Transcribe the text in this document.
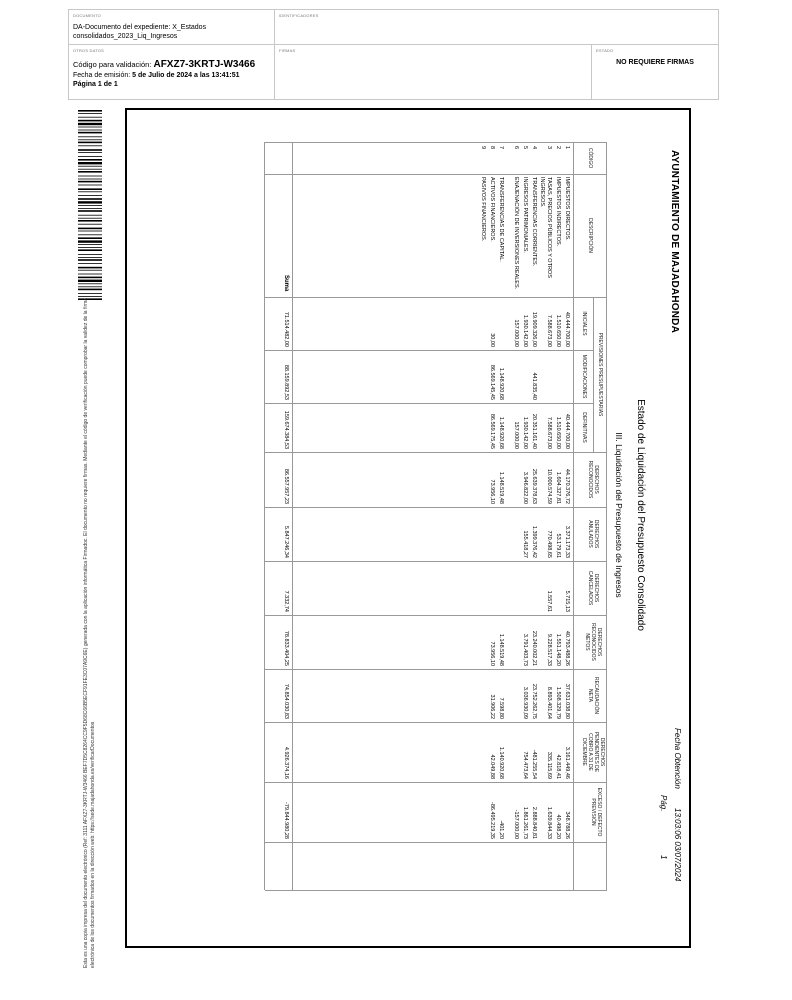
DOCUMENTO
DA-Documento del expediente: X_Estados consolidados_2023_Liq_Ingresos
IDENTIFICADORES
OTROS DATOS
Código para validación: AFXZ7-3KRTJ-W3466
Fecha de emisión: 5 de Julio de 2024 a las 13:41:51
Página 1 de 1
FIRMAS	ESTADO
NO REQUIERE FIRMAS
Esta es una copia impresa del documento electrónico (Ref: 3111 AFXZ7-3KRTJ-W3466 BEF7D5C8264CC9F5D68C66B5ECF91FE3C07A9C6E) generada con la aplicación informática Firmadoc. El documento no requiere firmas. Mediante el código de verificación puede comprobar la validez de la firma electrónica de los documentos firmados en la dirección web: https://sede.majadahonda.es/verificarDocumentos
AYUNTAMIENTO DE MAJADAHONDA
Fecha Obtención
13:03:06 03/07/2024
Pág.
1
Estado de Liquidación del Presupuesto Consolidado
III. Liquidación del Presupuesto de Ingresos
CÓDIGO
DESCRIPCIÓN
PREVISIONES PRESUPUESTARIAS
INICIALES
MODIFICACIONES
DEFINITIVAS
DERECHOS RECONOCIDOS
DERECHOS ANULADOS
DERECHOS CANCELADOS
DERECHOS RECONOCIDOS NETOS
RECAUDACIÓN NETA
DERECHOS PENDIENTES DE COBRO A 31 DE DICIEMBRE
EXCESO / DEFECTO PREVISIÓN
1
IMPUESTOS DIRECTOS.
40.444.700,00
40.444.700,00
44.170.376,72
3.371.173,33
5.715,13
40.793.488,26
37.631.038,80
3.161.449,46
348.788,26
2
IMPUESTOS INDIRECTOS.
1.510.650,00
1.510.650,00
1.604.327,81
53.179,61
1.551.148,20
1.508.329,79
42.818,41
40.498,20
3
TASAS, PRECIOS PÚBLICOS Y OTROS INGRESOS.
7.588.673,00
7.588.673,00
10.000.574,59
770.498,65
1.557,61
9.228.517,33
8.893.401,64
335.115,69
1.639.844,33
4
TRANSFERENCIAS CORRIENTES.
19.909.326,00
441.835,40
20.351.161,40
25.639.378,63
1.399.376,42
23.240.002,21
23.752.262,75
-481.255,54
2.888.840,81
5
INGRESOS PATRIMONIALES.
1.930.142,00
1.930.142,00
3.946.822,00
155.418,27
3.791.403,73
3.036.930,09
754.473,64
1.861.261,73
6
ENAJENACIÓN DE INVERSIONES REALES.
157.000,00
157.000,00
-157.000,00
7
TRANSFERENCIAS DE CAPITAL.
1.148.920,68
1.148.920,68
1.148.519,48
1.148.519,48
7.598,80
1.140.920,68
-401,20
8
ACTIVOS FINANCIEROS.
30,00
86.569.145,45
86.569.175,45
73.956,10
73.956,10
31.906,22
42.049,88
-86.495.219,35
9
PASIVOS FINANCIEROS.
Suma
71.514.482,00
88.159.892,53
159.674.384,53
86.557.957,23
5.847.246,34
7.332,74
78.833.404,25
74.854.030,83
4.926.374,16
-79.844.980,28
